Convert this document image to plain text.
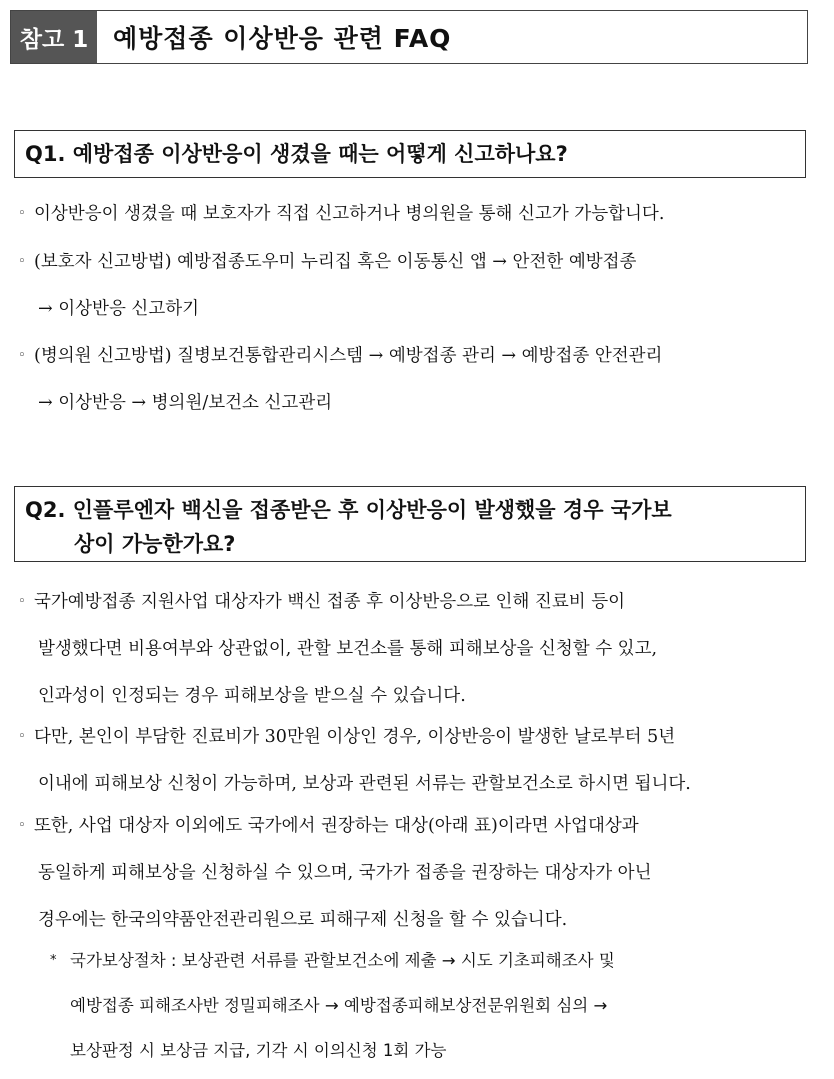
참고 1 예방접종 이상반응 관련 FAQ
Q1. 예방접종 이상반응이 생겼을 때는 어떻게 신고하나요?
◦ 이상반응이 생겼을 때 보호자가 직접 신고하거나 병의원을 통해 신고가 가능합니다.
◦ (보호자 신고방법) 예방접종도우미 누리집 혹은 이동통신 앱 → 안전한 예방접종
→ 이상반응 신고하기
◦ (병의원 신고방법) 질병보건통합관리시스템 → 예방접종 관리 → 예방접종 안전관리
→ 이상반응 → 병의원/보건소 신고관리
Q2. 인플루엔자 백신을 접종받은 후 이상반응이 발생했을 경우 국가보
상이 가능한가요?
◦ 국가예방접종 지원사업 대상자가 백신 접종 후 이상반응으로 인해 진료비 등이
발생했다면 비용여부와 상관없이, 관할 보건소를 통해 피해보상을 신청할 수 있고,
인과성이 인정되는 경우 피해보상을 받으실 수 있습니다.
◦ 다만, 본인이 부담한 진료비가 30만원 이상인 경우, 이상반응이 발생한 날로부터 5년
이내에 피해보상 신청이 가능하며, 보상과 관련된 서류는 관할보건소로 하시면 됩니다.
◦ 또한, 사업 대상자 이외에도 국가에서 권장하는 대상(아래 표)이라면 사업대상과
동일하게 피해보상을 신청하실 수 있으며, 국가가 접종을 권장하는 대상자가 아닌
경우에는 한국의약품안전관리원으로 피해구제 신청을 할 수 있습니다.
* 국가보상절차 : 보상관련 서류를 관할보건소에 제출 → 시도 기초피해조사 및
예방접종 피해조사반 정밀피해조사 → 예방접종피해보상전문위원회 심의 →
보상판정 시 보상금 지급, 기각 시 이의신청 1회 가능
